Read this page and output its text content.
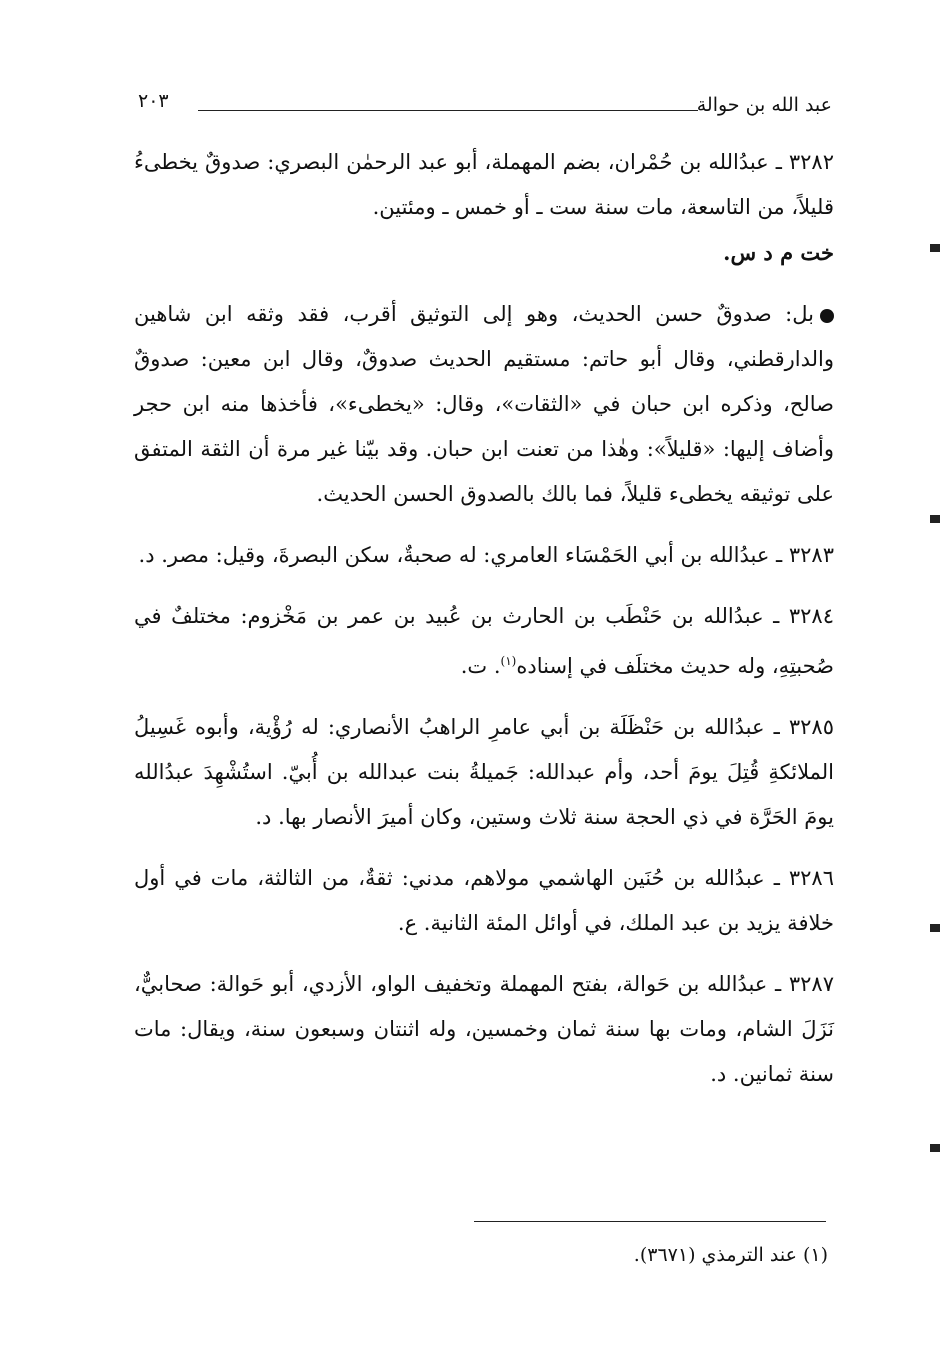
عبد الله بن حوالة
٢٠٣

٣٢٨٢ ـ عبدُالله بن حُمْران، بضم المهملة، أبو عبد الرحمٰن البصري: صدوقٌ يخطىءُ قليلاً، من التاسعة، مات سنة ست ـ أو خمس ـ ومئتين.
خت م د س.

بل: صدوقٌ حسن الحديث، وهو إلى التوثيق أقرب، فقد وثقه ابن شاهين والدارقطني، وقال أبو حاتم: مستقيم الحديث صدوقٌ، وقال ابن معين: صدوقٌ صالح، وذكره ابن حبان في «الثقات»، وقال: «يخطىء»، فأخذها منه ابن حجر وأضاف إليها: «قليلاً»: وهٰذا من تعنت ابن حبان. وقد بيّنا غير مرة أن الثقة المتفق على توثيقه يخطىء قليلاً، فما بالك بالصدوق الحسن الحديث.

٣٢٨٣ ـ عبدُالله بن أبي الحَمْسَاء العامري: له صحبةٌ، سكن البصرةَ، وقيل: مصر. د.

٣٢٨٤ ـ عبدُالله بن حَنْطَب بن الحارث بن عُبيد بن عمر بن مَخْزوم: مختلفٌ في صُحبتِهِ، وله حديث مختلَف في إسناده$^{(١)}$. ت.

٣٢٨٥ ـ عبدُالله بن حَنْظَلَة بن أبي عامرِ الراهبُ الأنصاري: له رُؤْية، وأبوه غَسِيلُ الملائكةِ قُتِلَ يومَ أحد، وأم عبدالله: جَميلةُ بنت عبدالله بن أُبيّ. استُشْهِدَ عبدُالله يومَ الحَرَّة في ذي الحجة سنة ثلاث وستين، وكان أميرَ الأنصار بها. د.

٣٢٨٦ ـ عبدُالله بن حُنَين الهاشمي مولاهم، مدني: ثقةٌ، من الثالثة، مات في أول خلافة يزيد بن عبد الملك، في أوائل المئة الثانية. ع.

٣٢٨٧ ـ عبدُالله بن حَوالة، بفتح المهملة وتخفيف الواو، الأزدي، أبو حَوالة: صحابيٌّ، نَزَلَ الشام، ومات بها سنة ثمان وخمسين، وله اثنتان وسبعون سنة، ويقال: مات سنة ثمانين. د.

(١) عند الترمذي (٣٦٧١).
